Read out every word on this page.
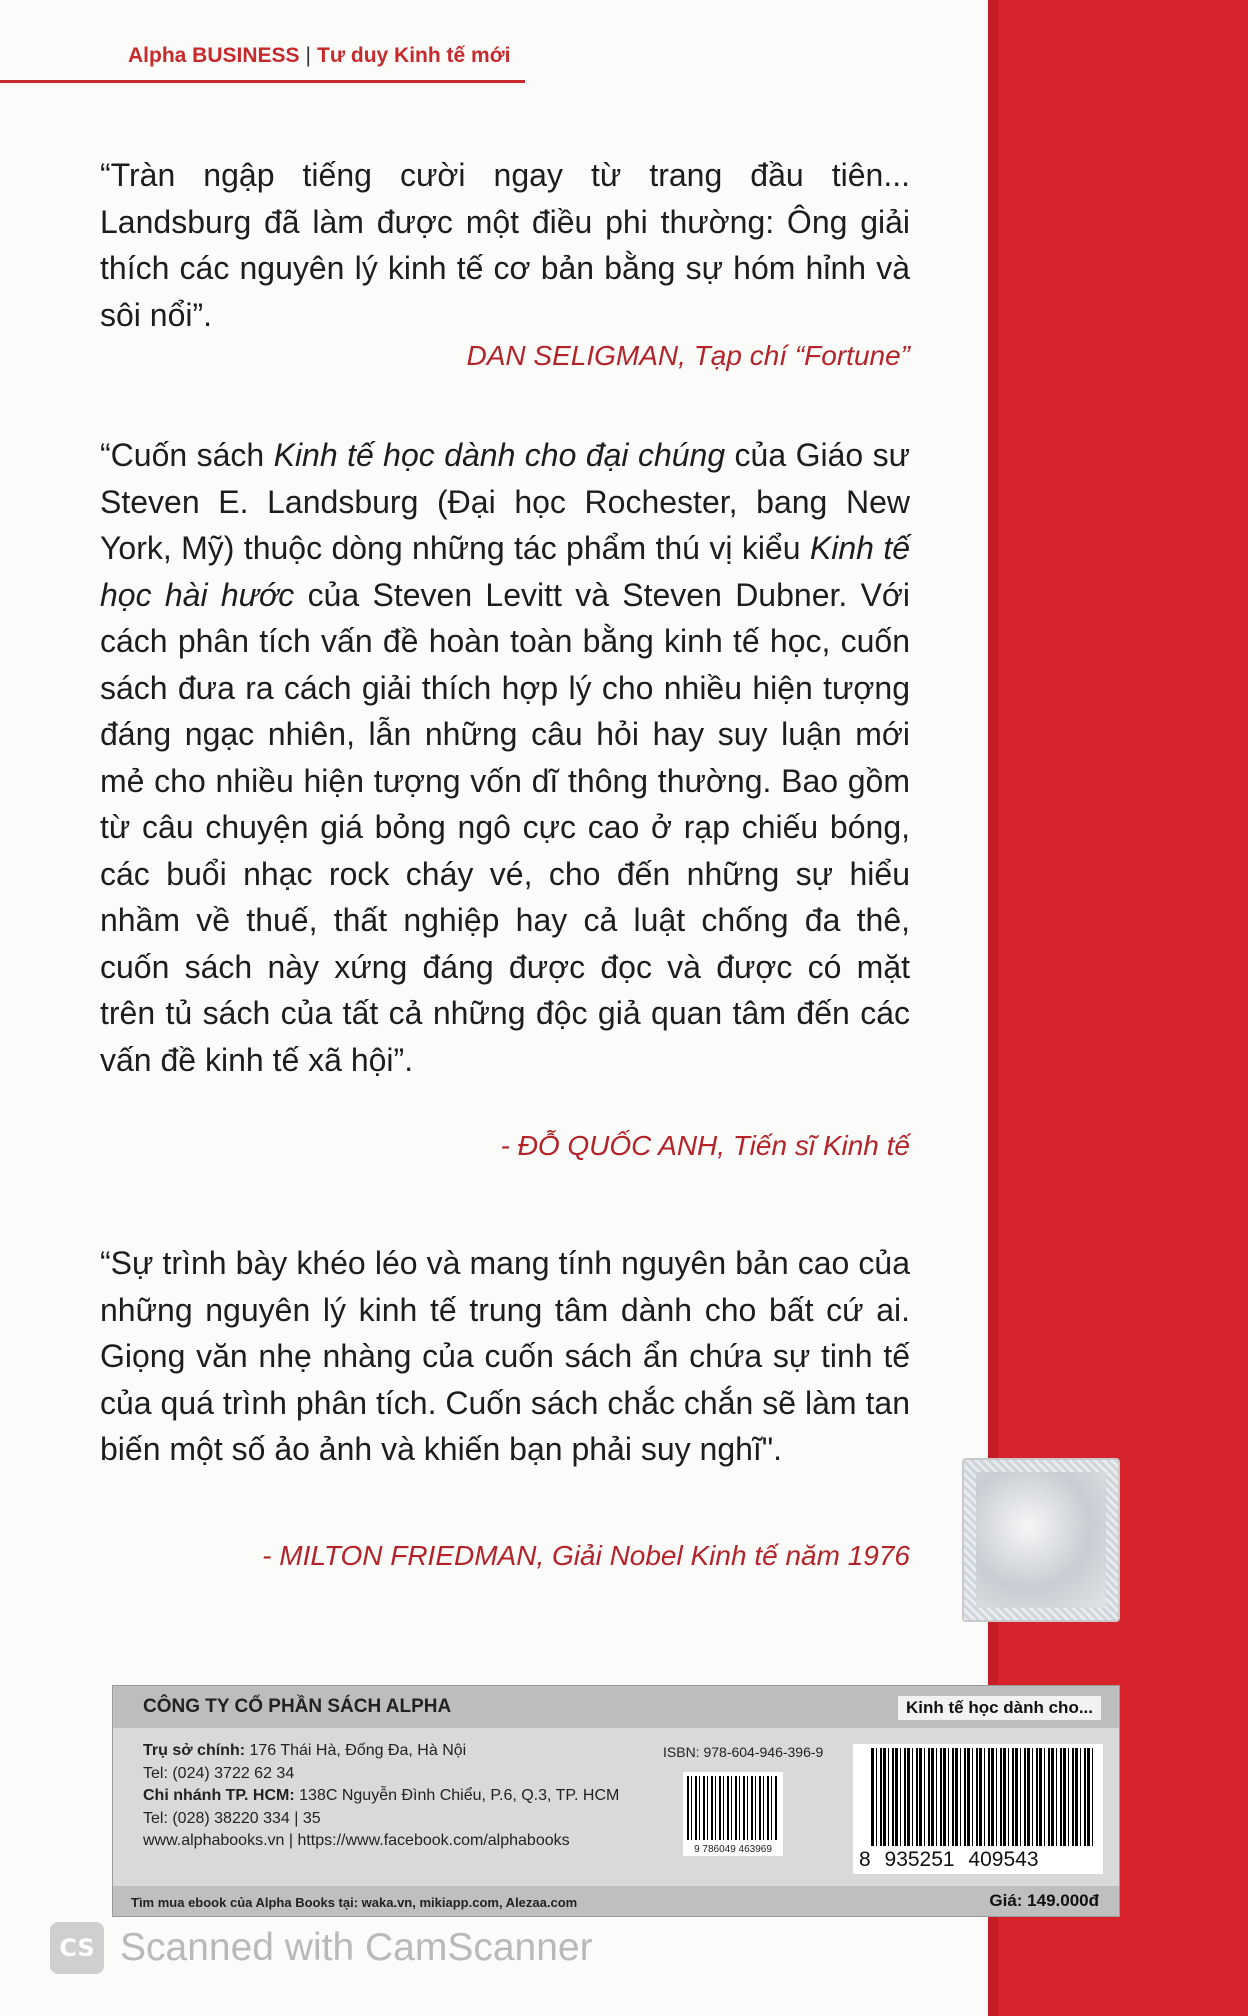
Alpha BUSINESS | Tư duy Kinh tế mới
“Tràn ngập tiếng cười ngay từ trang đầu tiên... Landsburg đã làm được một điều phi thường: Ông giải thích các nguyên lý kinh tế cơ bản bằng sự hóm hỉnh và sôi nổi”.
DAN SELIGMAN, Tạp chí “Fortune”
“Cuốn sách Kinh tế học dành cho đại chúng của Giáo sư Steven E. Landsburg (Đại học Rochester, bang New York, Mỹ) thuộc dòng những tác phẩm thú vị kiểu Kinh tế học hài hước của Steven Levitt và Steven Dubner. Với cách phân tích vấn đề hoàn toàn bằng kinh tế học, cuốn sách đưa ra cách giải thích hợp lý cho nhiều hiện tượng đáng ngạc nhiên, lẫn những câu hỏi hay suy luận mới mẻ cho nhiều hiện tượng vốn dĩ thông thường. Bao gồm từ câu chuyện giá bỏng ngô cực cao ở rạp chiếu bóng, các buổi nhạc rock cháy vé, cho đến những sự hiểu nhầm về thuế, thất nghiệp hay cả luật chống đa thê, cuốn sách này xứng đáng được đọc và được có mặt trên tủ sách của tất cả những độc giả quan tâm đến các vấn đề kinh tế xã hội”.
- ĐỖ QUỐC ANH, Tiến sĩ Kinh tế
“Sự trình bày khéo léo và mang tính nguyên bản cao của những nguyên lý kinh tế trung tâm dành cho bất cứ ai. Giọng văn nhẹ nhàng của cuốn sách ẩn chứa sự tinh tế của quá trình phân tích. Cuốn sách chắc chắn sẽ làm tan biến một số ảo ảnh và khiến bạn phải suy nghĩ".
- MILTON FRIEDMAN, Giải Nobel Kinh tế năm 1976
CÔNG TY CỔ PHẦN SÁCH ALPHA	Kinh tế học dành cho...
Trụ sở chính: 176 Thái Hà, Đống Đa, Hà Nội
Tel: (024) 3722 62 34
Chi nhánh TP. HCM: 138C Nguyễn Đình Chiểu, P.6, Q.3, TP. HCM
Tel: (028) 38220 334 | 35
www.alphabooks.vn | https://www.facebook.com/alphabooks
ISBN: 978-604-946-396-9
9 786049 463969	8 935251 409543
Tìm mua ebook của Alpha Books tại: waka.vn, mikiapp.com, Alezaa.com	Giá: 149.000đ
CS Scanned with CamScanner
